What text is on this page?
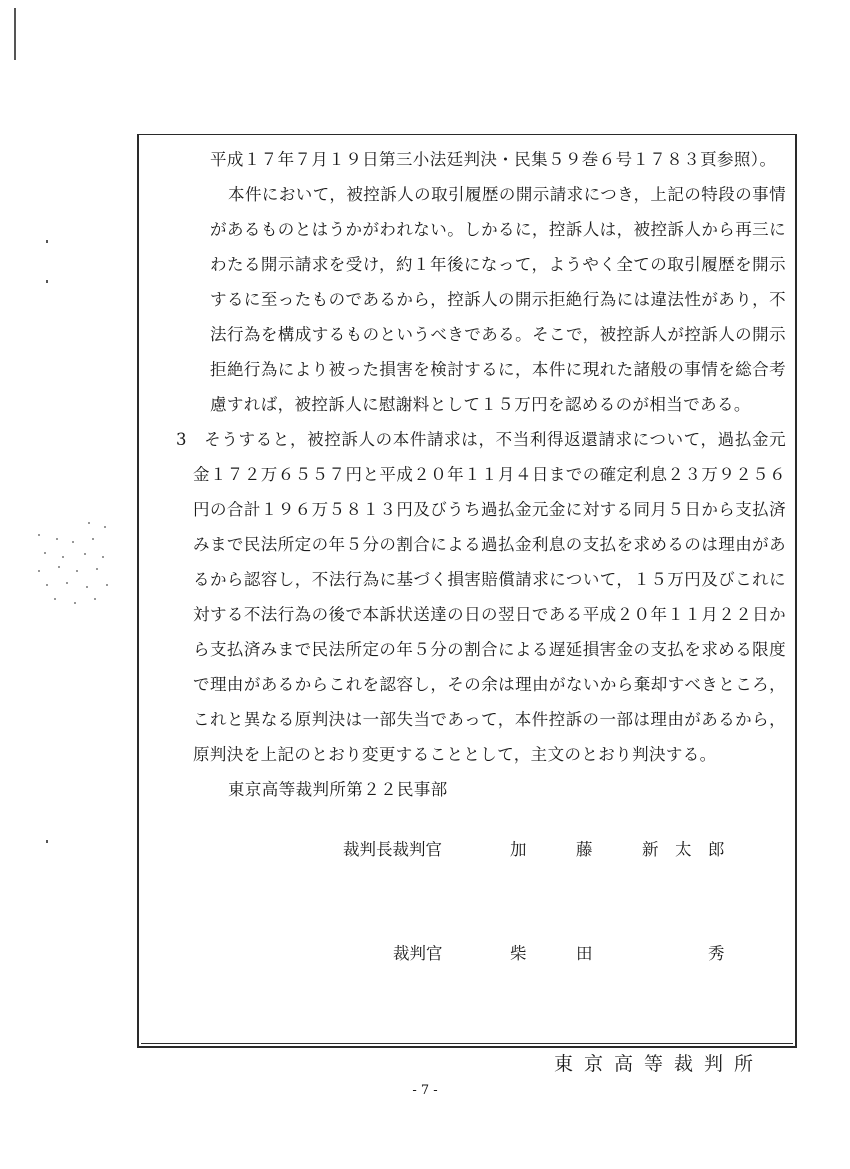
平成１７年７月１９日第三小法廷判決・民集５９巻６号１７８３頁参照）。
本件において，被控訴人の取引履歴の開示請求につき，上記の特段の事情
があるものとはうかがわれない。しかるに，控訴人は，被控訴人から再三に
わたる開示請求を受け，約１年後になって，ようやく全ての取引履歴を開示
するに至ったものであるから，控訴人の開示拒絶行為には違法性があり，不
法行為を構成するものというべきである。そこで，被控訴人が控訴人の開示
拒絶行為により被った損害を検討するに，本件に現れた諸般の事情を総合考
慮すれば，被控訴人に慰謝料として１５万円を認めるのが相当である。
3　そうすると，被控訴人の本件請求は，不当利得返還請求について，過払金元
金１７２万６５５７円と平成２０年１１月４日までの確定利息２３万９２５６
円の合計１９６万５８１３円及びうち過払金元金に対する同月５日から支払済
みまで民法所定の年５分の割合による過払金利息の支払を求めるのは理由があ
るから認容し，不法行為に基づく損害賠償請求について，１５万円及びこれに
対する不法行為の後で本訴状送達の日の翌日である平成２０年１１月２２日か
ら支払済みまで民法所定の年５分の割合による遅延損害金の支払を求める限度
で理由があるからこれを認容し，その余は理由がないから棄却すべきところ，
これと異なる原判決は一部失当であって，本件控訴の一部は理由があるから，
原判決を上記のとおり変更することとして，主文のとおり判決する。
東京高等裁判所第２２民事部
裁判長裁判官	加	藤	新 太 郎
裁判官	柴	田	秀
東京高等裁判所
- 7 -
